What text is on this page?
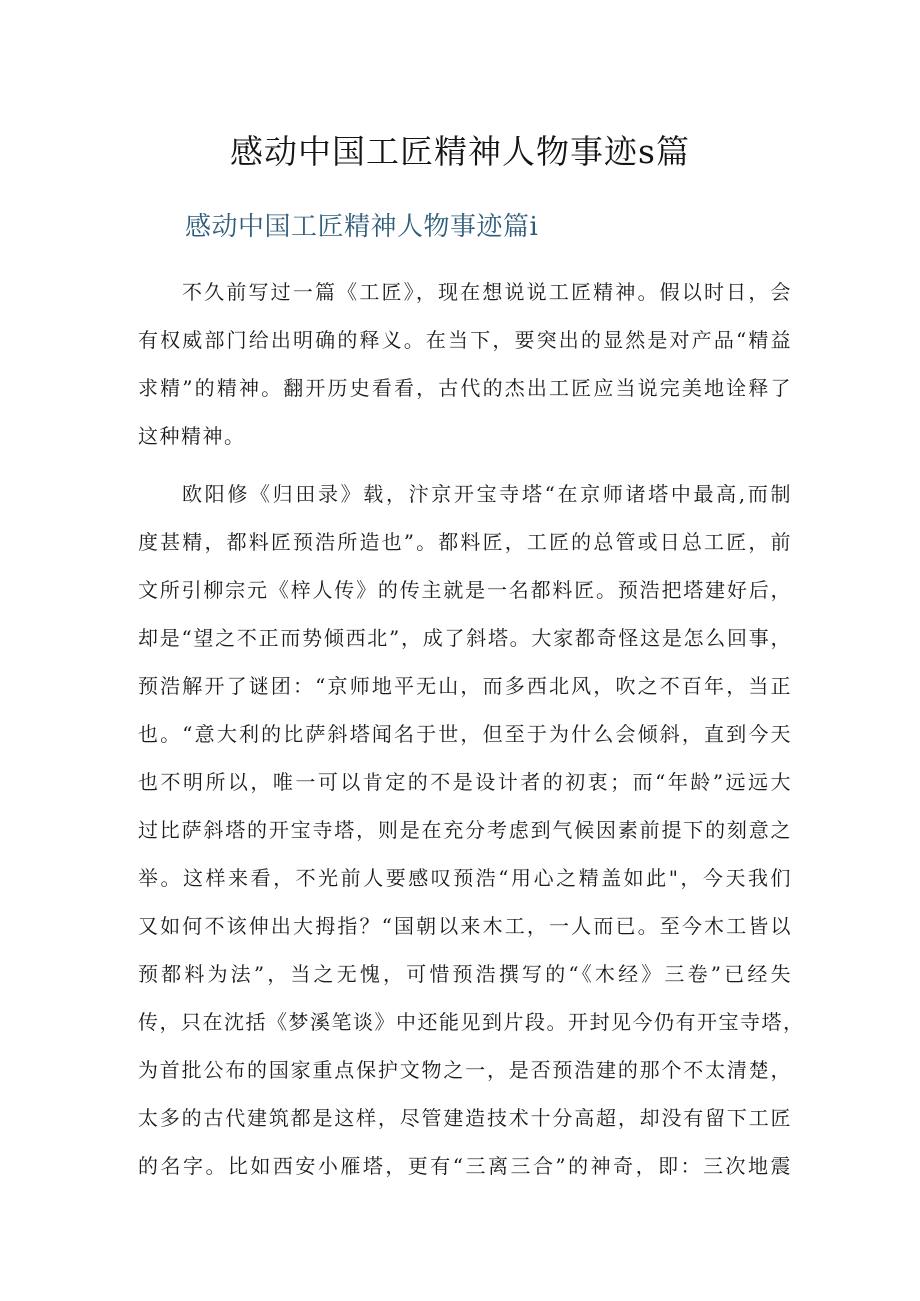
感动中国工匠精神人物事迹s篇
感动中国工匠精神人物事迹篇i
不久前写过一篇《工匠》，现在想说说工匠精神。假以时日，会
有权威部门给出明确的释义。在当下，要突出的显然是对产品“精益
求精”的精神。翻开历史看看，古代的杰出工匠应当说完美地诠释了
这种精神。
欧阳修《归田录》载，汴京开宝寺塔“在京师诸塔中最高,而制
度甚精，都料匠预浩所造也”。都料匠，工匠的总管或日总工匠，前
文所引柳宗元《梓人传》的传主就是一名都料匠。预浩把塔建好后，
却是“望之不正而势倾西北”，成了斜塔。大家都奇怪这是怎么回事，
预浩解开了谜团：“京师地平无山，而多西北风，吹之不百年，当正
也。“意大利的比萨斜塔闻名于世，但至于为什么会倾斜，直到今天
也不明所以，唯一可以肯定的不是设计者的初衷；而“年龄”远远大
过比萨斜塔的开宝寺塔，则是在充分考虑到气候因素前提下的刻意之
举。这样来看，不光前人要感叹预浩“用心之精盖如此"，今天我们
又如何不该伸出大拇指？“国朝以来木工，一人而已。至今木工皆以
预都料为法”，当之无愧，可惜预浩撰写的“《木经》三卷”已经失
传，只在沈括《梦溪笔谈》中还能见到片段。开封见今仍有开宝寺塔，
为首批公布的国家重点保护文物之一，是否预浩建的那个不太清楚，
太多的古代建筑都是这样，尽管建造技术十分高超，却没有留下工匠
的名字。比如西安小雁塔，更有“三离三合”的神奇，即：三次地震
